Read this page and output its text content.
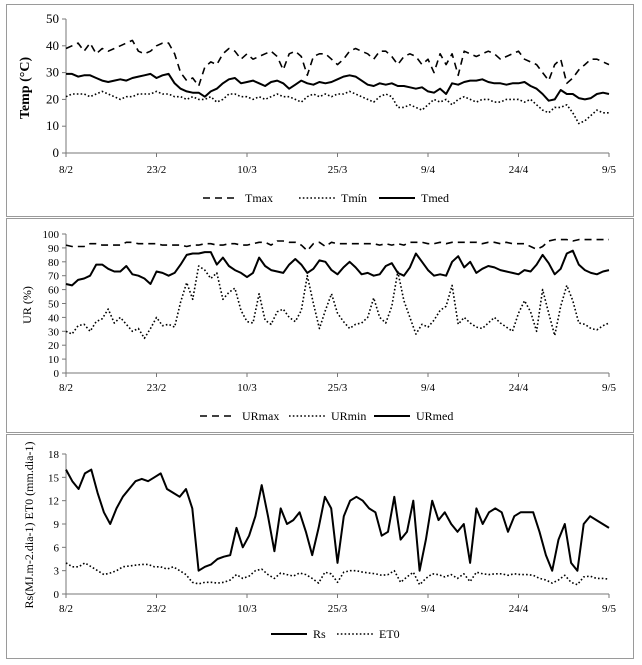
0
10
20
30
40
50
8/2	23/2	10/3	25/3	9/4	24/4	9/5
Temp (°C)
Tmax	Tmín	Tmed
0
10
20
30
40
50
60
70
80
90
100
8/2	23/2	10/3	25/3	9/4	24/4	9/5
UR (%)
URmax	URmin	URmed
0
3
6
9
12
15
18
8/2	23/2	10/3	25/3	9/4	24/4	9/5
Rs(MJ.m-2.dia-1) ET0 (mm.dia-1)
Rs	ET0
